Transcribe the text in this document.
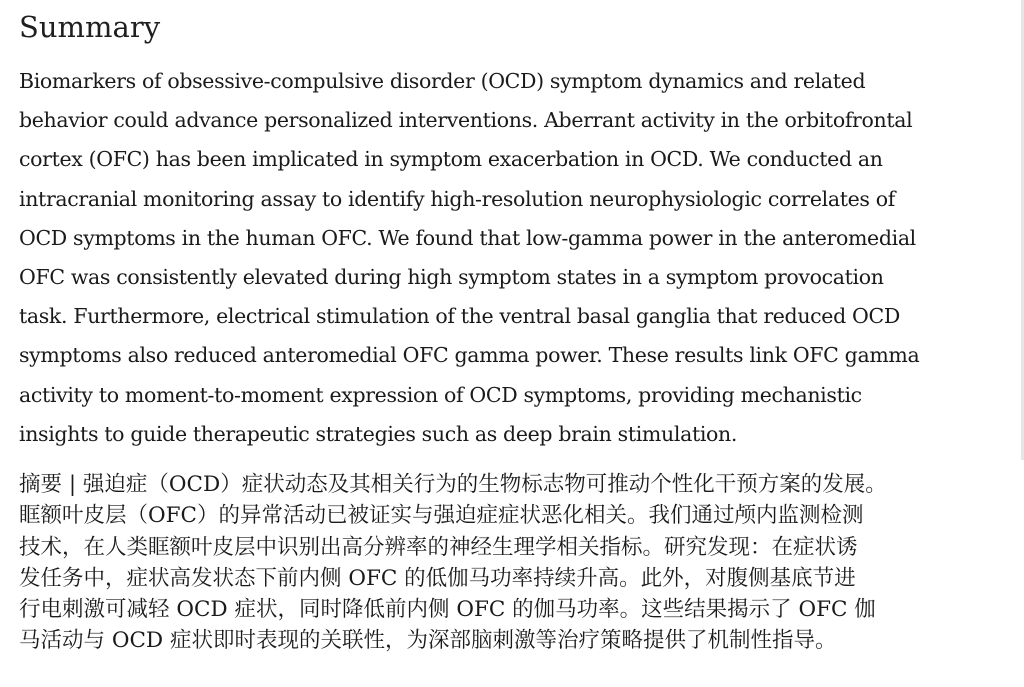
Summary
Biomarkers of obsessive-compulsive disorder (OCD) symptom dynamics and related
behavior could advance personalized interventions. Aberrant activity in the orbitofrontal
cortex (OFC) has been implicated in symptom exacerbation in OCD. We conducted an
intracranial monitoring assay to identify high-resolution neurophysiologic correlates of
OCD symptoms in the human OFC. We found that low-gamma power in the anteromedial
OFC was consistently elevated during high symptom states in a symptom provocation
task. Furthermore, electrical stimulation of the ventral basal ganglia that reduced OCD
symptoms also reduced anteromedial OFC gamma power. These results link OFC gamma
activity to moment-to-moment expression of OCD symptoms, providing mechanistic
insights to guide therapeutic strategies such as deep brain stimulation.
摘要 | 强迫症（OCD）症状动态及其相关行为的生物标志物可推动个性化干预方案的发展。
眶额叶皮层（OFC）的异常活动已被证实与强迫症症状恶化相关。我们通过颅内监测检测
技术，在人类眶额叶皮层中识别出高分辨率的神经生理学相关指标。研究发现：在症状诱
发任务中，症状高发状态下前内侧 OFC 的低伽马功率持续升高。此外，对腹侧基底节进
行电刺激可减轻 OCD 症状，同时降低前内侧 OFC 的伽马功率。这些结果揭示了 OFC 伽
马活动与 OCD 症状即时表现的关联性，为深部脑刺激等治疗策略提供了机制性指导。
